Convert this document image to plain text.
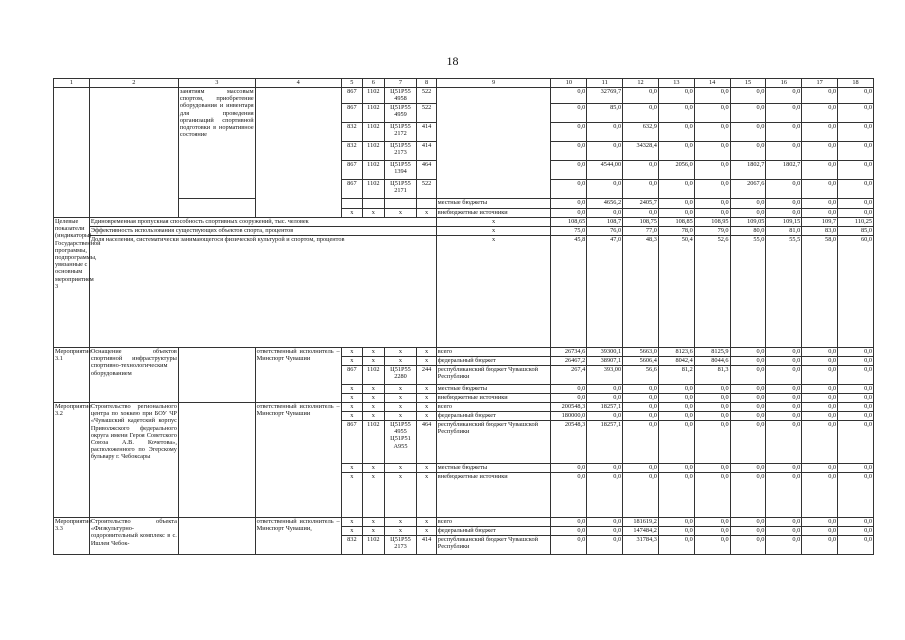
18
1	2	3	4	5	6	7	8	9	10	11	12	13	14	15	16	17	18
		занятиям массовым спортом, приобретение оборудования и инвентаря для проведения организаций спортивной подготовки в нормативное состояние		867	1102	Ц51Р55 4958	522		0,0	32769,7	0,0	0,0	0,0	0,0	0,0	0,0	0,0
				867	1102	Ц51Р55 4959	522		0,0	85,0	0,0	0,0	0,0	0,0	0,0	0,0	0,0
				832	1102	Ц51Р55 2172	414		0,0	0,0	632,9	0,0	0,0	0,0	0,0	0,0	0,0
				832	1102	Ц51Р55 2173	414		0,0	0,0	34328,4	0,0	0,0	0,0	0,0	0,0	0,0
				867	1102	Ц51Р55 1394	464		0,0	4544,00	0,0	2056,0	0,0	1802,7	1802,7	0,0	0,0
				867	1102	Ц51Р55 2171	522		0,0	0,0	0,0	0,0	0,0	2067,6	0,0	0,0	0,0
								местные бюджеты	0,0	4656,2	2405,7	0,0	0,0	0,0	0,0	0,0	0,0
				х	х	х	х	внебюджетные источники	0,0	0,0	0,0	0,0	0,0	0,0	0,0	0,0	0,0
Целевые показатели (индикаторы) Государственной программы, подпрограммы, увязанные с основным мероприятием 3	Единовременная пропускная способность спортивных сооружений, тыс. человек							х	108,65	108,7	108,75	108,85	108,95	109,05	109,15	109,7	110,25
	Эффективность использования существующих объектов спорта, процентов							х	75,0	76,0	77,0	78,0	79,0	80,0	81,0	83,0	85,0
	Доля населения, систематически занимающегося физической культурой и спортом, процентов							х	45,8	47,0	48,3	50,4	52,6	55,0	55,5	58,0	60,0
Мероприятие 3.1	Оснащение объектов спортивной инфраструктуры спортивно-технологическим оборудованием		ответственный исполнитель – Минспорт Чувашии	х	х	х	х	всего	26734,6	39300,1	5663,0	8123,6	8125,9	0,0	0,0	0,0	0,0
				х	х	х	х	федеральный бюджет	26467,2	38907,1	5606,4	8042,4	8044,6	0,0	0,0	0,0	0,0
				867	1102	Ц51Р55 2280	244	республиканский бюджет Чувашской Республики	267,4	393,00	56,6	81,2	81,3	0,0	0,0	0,0	0,0
				х	х	х	х	местные бюджеты	0,0	0,0	0,0	0,0	0,0	0,0	0,0	0,0	0,0
				х	х	х	х	внебюджетные источники	0,0	0,0	0,0	0,0	0,0	0,0	0,0	0,0	0,0
Мероприятие 3.2	Строительство регионального центра по хоккею при БОУ ЧР «Чувашский кадетский корпус Приволжского федерального округа имени Героя Советского Союза А.В. Кочетова», расположенного по Эгерскому бульвару г. Чебоксары		ответственный исполнитель – Минспорт Чувашии	х	х	х	х	всего	200548,3	18257,1	0,0	0,0	0,0	0,0	0,0	0,0	0,0
				х	х	х	х	федеральный бюджет	180000,0	0,0	0,0	0,0	0,0	0,0	0,0	0,0	0,0
				867	1102	Ц51Р55 4955 Ц51Р51 А955	464	республиканский бюджет Чувашской Республики	20548,3	18257,1	0,0	0,0	0,0	0,0	0,0	0,0	0,0
				х	х	х	х	местные бюджеты	0,0	0,0	0,0	0,0	0,0	0,0	0,0	0,0	0,0
				х	х	х	х	внебюджетные источники	0,0	0,0	0,0	0,0	0,0	0,0	0,0	0,0	0,0
Мероприятие 3.3	Строительство объекта «Физкультурно-оздоровительный комплекс в с. Ишлеи Чебок-		ответственный исполнитель – Минспорт Чувашии,	х	х	х	х	всего	0,0	0,0	181619,2	0,0	0,0	0,0	0,0	0,0	0,0
				х	х	х	х	федеральный бюджет	0,0	0,0	147484,2	0,0	0,0	0,0	0,0	0,0	0,0
				832	1102	Ц51Р55 2173	414	республиканский бюджет Чувашской Республики	0,0	0,0	31784,3	0,0	0,0	0,0	0,0	0,0	0,0
